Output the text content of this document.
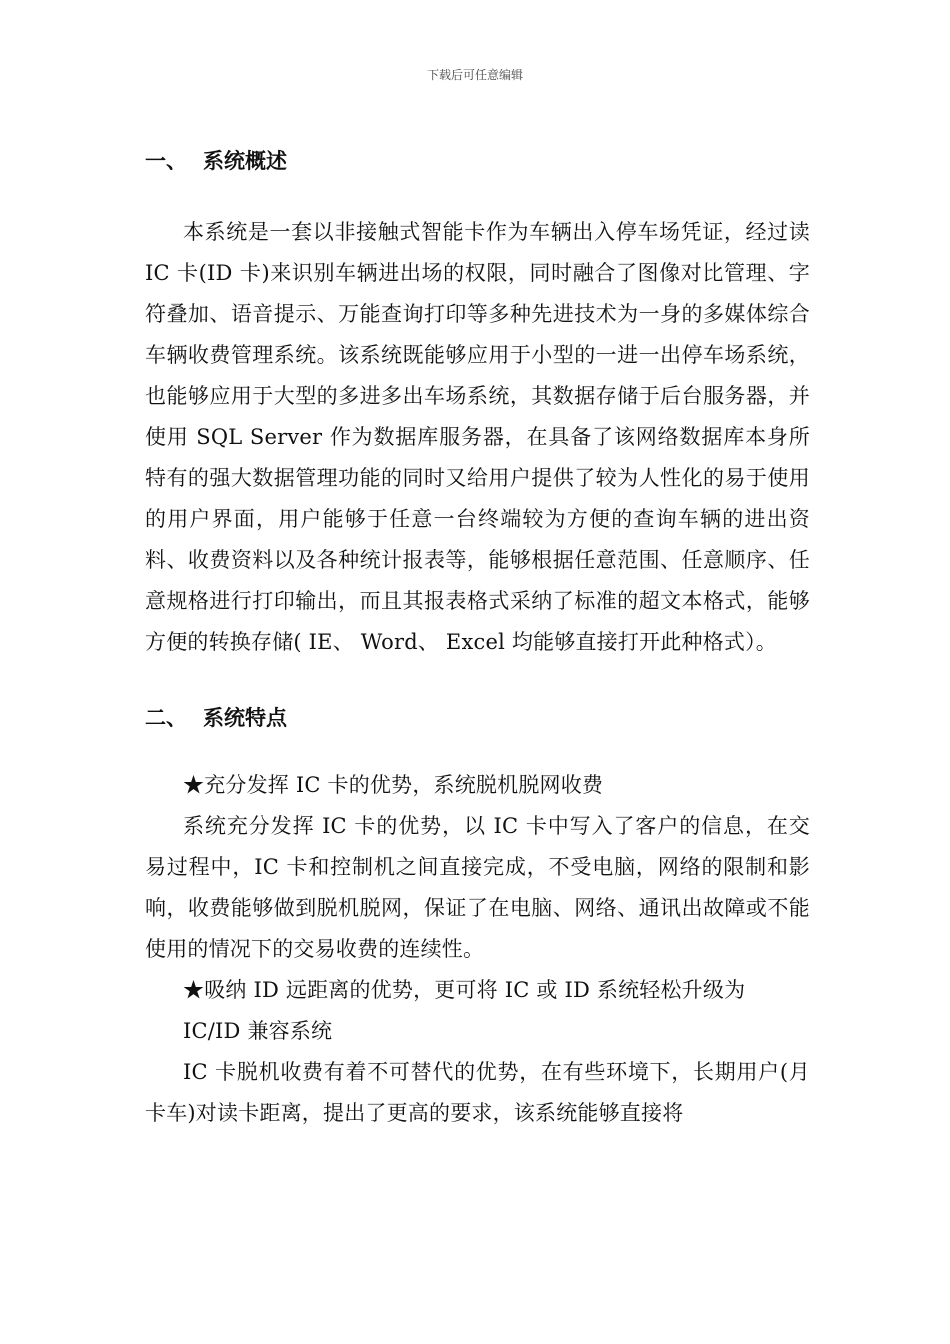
下载后可任意编辑
一、 系统概述
本系统是一套以非接触式智能卡作为车辆出入停车场凭证，经过读 IC 卡(ID 卡)来识别车辆进出场的权限，同时融合了图像对比管理、字符叠加、语音提示、万能查询打印等多种先进技术为一身的多媒体综合车辆收费管理系统。该系统既能够应用于小型的一进一出停车场系统，也能够应用于大型的多进多出车场系统，其数据存储于后台服务器，并使用 SQL Server 作为数据库服务器，在具备了该网络数据库本身所特有的强大数据管理功能的同时又给用户提供了较为人性化的易于使用的用户界面，用户能够于任意一台终端较为方便的查询车辆的进出资料、收费资料以及各种统计报表等，能够根据任意范围、任意顺序、任意规格进行打印输出，而且其报表格式采纳了标准的超文本格式，能够方便的转换存储( IE、 Word、 Excel 均能够直接打开此种格式）。
二、 系统特点
★充分发挥 IC 卡的优势，系统脱机脱网收费
系统充分发挥 IC 卡的优势，以 IC 卡中写入了客户的信息，在交易过程中，IC 卡和控制机之间直接完成，不受电脑，网络的限制和影响，收费能够做到脱机脱网，保证了在电脑、网络、通讯出故障或不能使用的情况下的交易收费的连续性。
★吸纳 ID 远距离的优势，更可将 IC 或 ID 系统轻松升级为
IC/ID 兼容系统
IC 卡脱机收费有着不可替代的优势，在有些环境下，长期用户(月卡车)对读卡距离，提出了更高的要求，该系统能够直接将
